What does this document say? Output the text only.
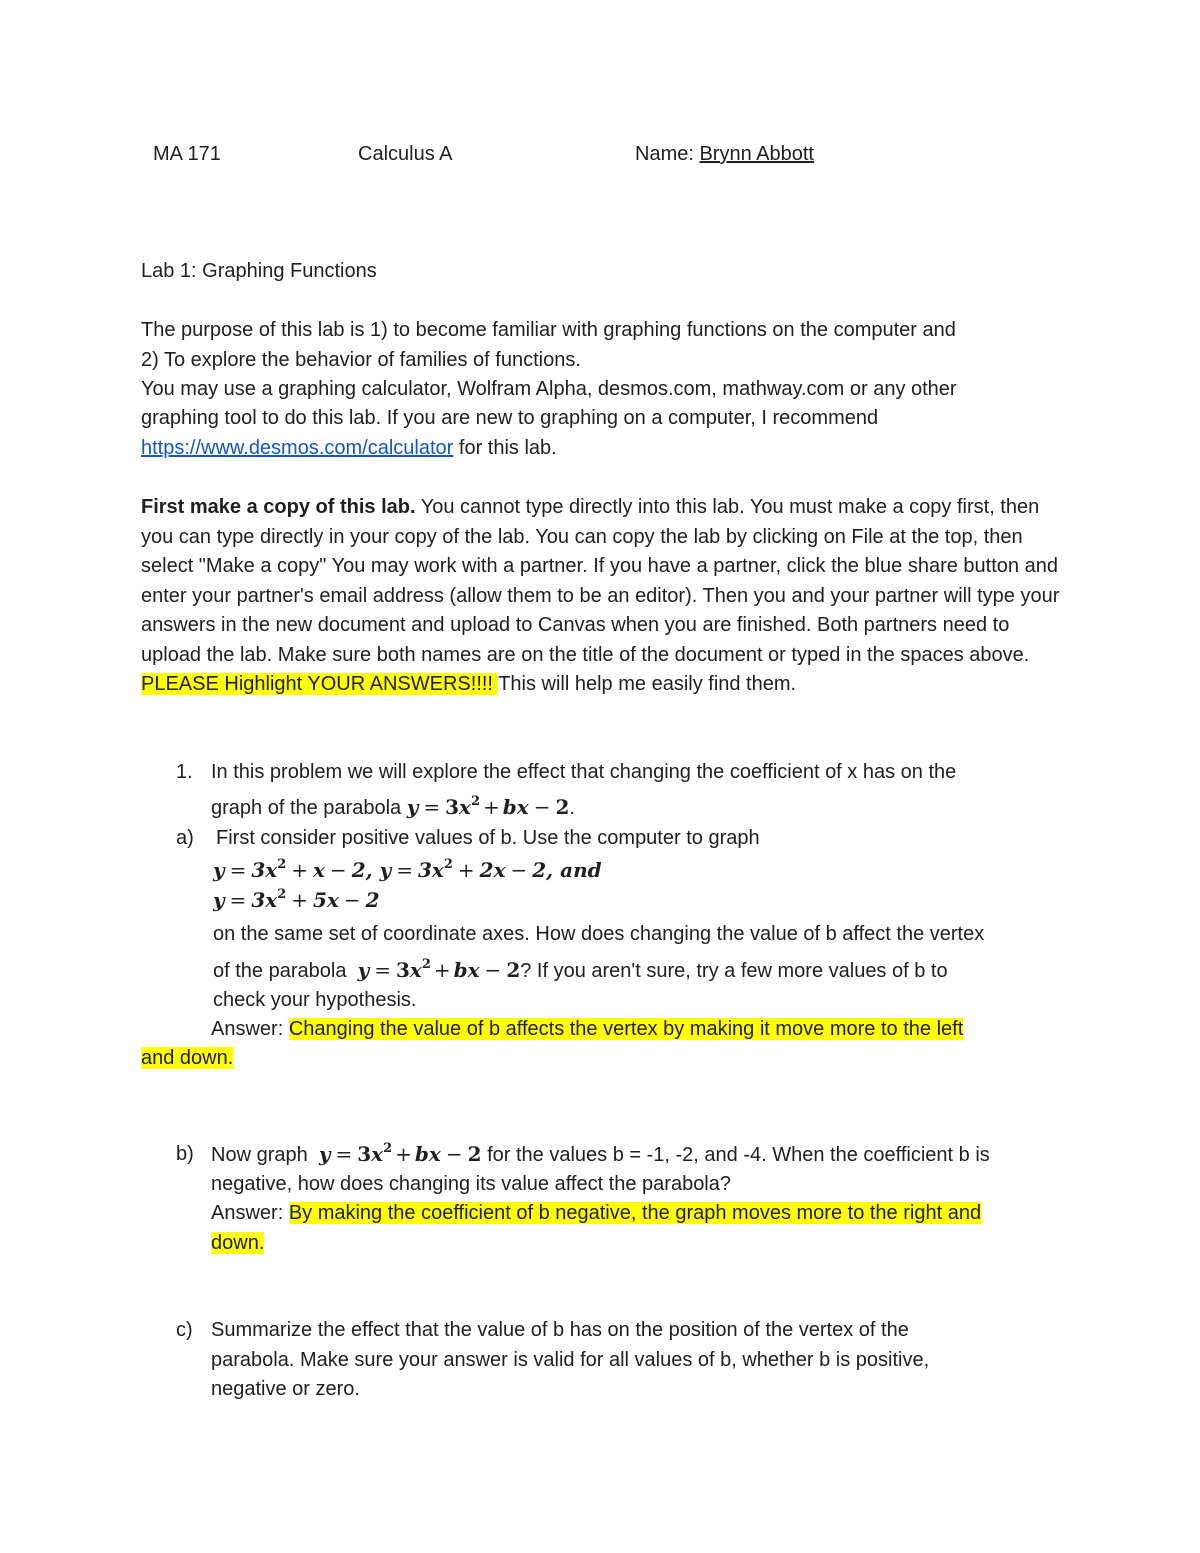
MA 171	Calculus A	Name: Brynn Abbott
Lab 1: Graphing Functions
The purpose of this lab is 1) to become familiar with graphing functions on the computer and
2) To explore the behavior of families of functions.
You may use a graphing calculator, Wolfram Alpha, desmos.com, mathway.com or any other
graphing tool to do this lab. If you are new to graphing on a computer, I recommend
https://www.desmos.com/calculator for this lab.
First make a copy of this lab. You cannot type directly into this lab. You must make a copy first, then you can type directly in your copy of the lab. You can copy the lab by clicking on File at the top, then select "Make a copy" You may work with a partner. If you have a partner, click the blue share button and enter your partner's email address (allow them to be an editor). Then you and your partner will type your answers in the new document and upload to Canvas when you are finished. Both partners need to upload the lab. Make sure both names are on the title of the document or typed in the spaces above. PLEASE Highlight YOUR ANSWERS!!!! This will help me easily find them.
1. In this problem we will explore the effect that changing the coefficient of x has on the
graph of the parabola $y = 3x^2$ + bx − 2.
a) First consider positive values of b. Use the computer to graph
$y = 3x^2 + x - 2$, $y = 3x^2 + 2x - 2$, and
$y = 3x^2 + 5x - 2$
on the same set of coordinate axes. How does changing the value of b affect the vertex
of the parabola $y = 3x^2$ + bx − 2? If you aren't sure, try a few more values of b to
check your hypothesis.
Answer: Changing the value of b affects the vertex by making it move more to the left
and down.
b) Now graph $y = 3x^2$ + bx − 2 for the values b = -1, -2, and -4. When the coefficient b is
negative, how does changing its value affect the parabola?
Answer: By making the coefficient of b negative, the graph moves more to the right and
down.
c) Summarize the effect that the value of b has on the position of the vertex of the
parabola. Make sure your answer is valid for all values of b, whether b is positive,
negative or zero.
